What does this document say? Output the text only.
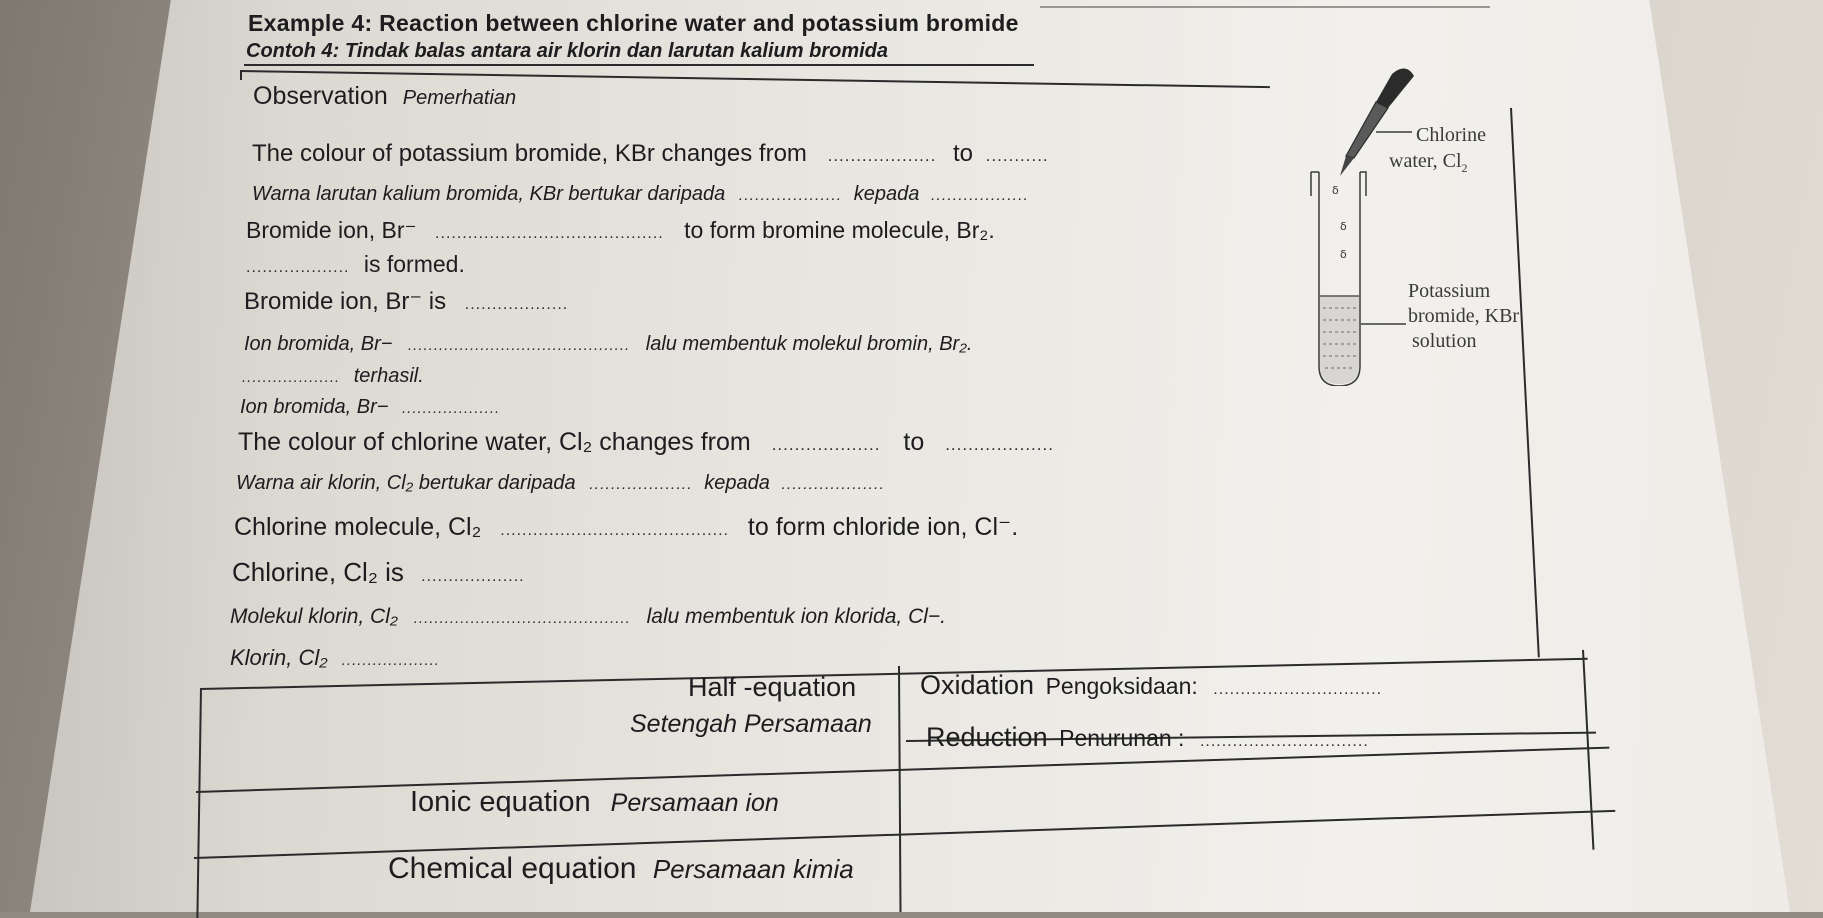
Example 4: Reaction between chlorine water and potassium bromide
Contoh 4: Tindak balas antara air klorin dan larutan kalium bromida
Observation Pemerhatian
The colour of potassium bromide, KBr changes from ................... to ...........
Warna larutan kalium bromida, KBr bertukar daripada ................... kepada ..................
Bromide ion, Br⁻ .......................................... to form bromine molecule, Br₂.
................... is formed.
Bromide ion, Br⁻ is ...................
Ion bromida, Br− ........................................... lalu membentuk molekul bromin, Br₂.
................... terhasil.
Ion bromida, Br− ...................
The colour of chlorine water, Cl₂ changes from ................... to ...................
Warna air klorin, Cl₂ bertukar daripada ................... kepada ...................
Chlorine molecule, Cl₂ .......................................... to form chloride ion, Cl⁻.
Chlorine, Cl₂ is ...................
Molekul klorin, Cl₂ .......................................... lalu membentuk ion klorida, Cl−.
Klorin, Cl₂ ...................
Half -equation
Setengah Persamaan
Oxidation Pengoksidaan: ...............................
Reduction Penurunan : ...............................
Ionic equation Persamaan ion
Chemical equation Persamaan kimia
δ
δ
δ
Chlorine
water, $Cl_2$
Potassium
bromide, KBr
solution
